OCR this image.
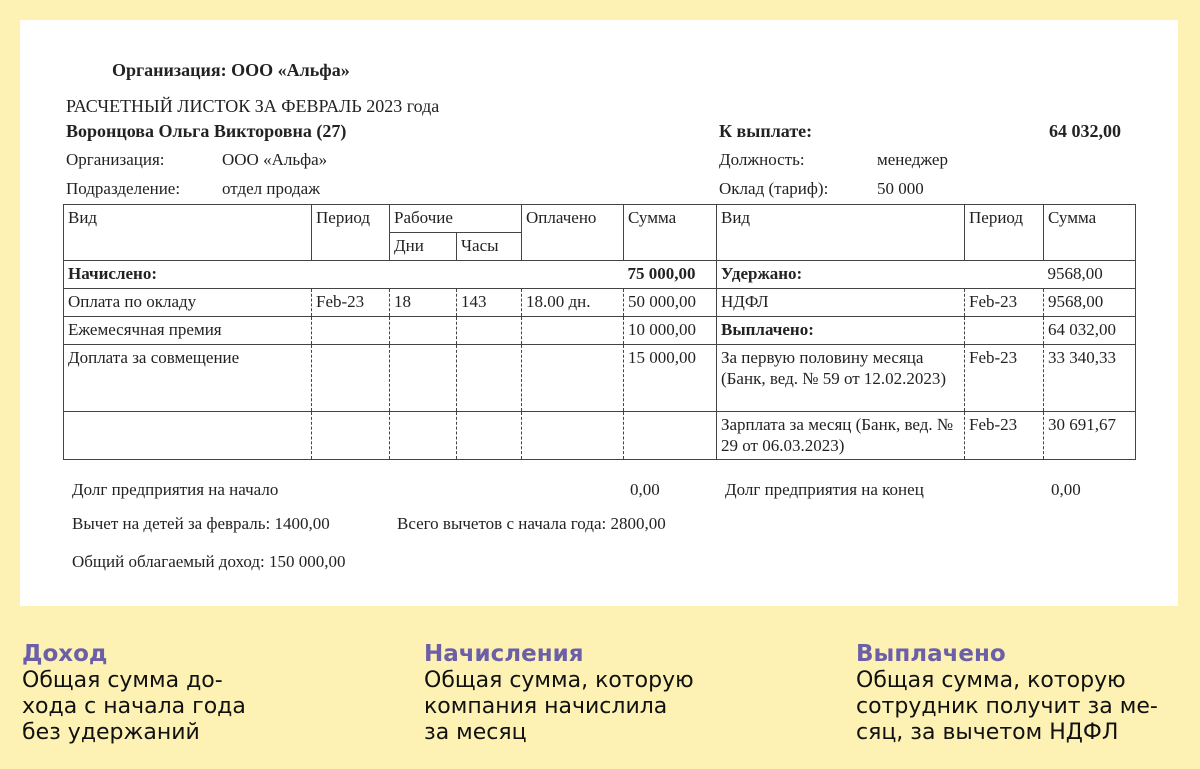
Организация: ООО «Альфа»
РАСЧЕТНЫЙ ЛИСТОК ЗА ФЕВРАЛЬ 2023 года
Воронцова Ольга Викторовна (27)	К выплате:	64 032,00
Организация:	ООО «Альфа»	Должность:	менеджер
Подразделение: отдел продаж	Оклад (тариф):	50 000
Вид	Период	Рабочие		Оплачено	Сумма	Вид	Период	Сумма
		Дни	Часы					
Начислено:					75 000,00	Удержано:		9568,00
Оплата по окладу	Feb-23	18	143	18.00 дн.	50 000,00	НДФЛ	Feb-23	9568,00
Ежемесячная премия					10 000,00	Выплачено:		64 032,00
Доплата за совмещение					15 000,00	За первую половину месяца (Банк, вед. № 59 от 12.02.2023)	Feb-23	33 340,33
						Зарплата за месяц (Банк, вед. № 29 от 06.03.2023)	Feb-23	30 691,67
Долг предприятия на начало	0,00	Долг предприятия на конец	0,00
Вычет на детей за февраль: 1400,00	Всего вычетов с начала года: 2800,00
Общий облагаемый доход: 150 000,00
Доход
Общая сумма до-
хода с начала года
без удержаний
Начисления
Общая сумма, которую
компания начислила
за месяц
Выплачено
Общая сумма, которую
сотрудник получит за ме-
сяц, за вычетом НДФЛ
